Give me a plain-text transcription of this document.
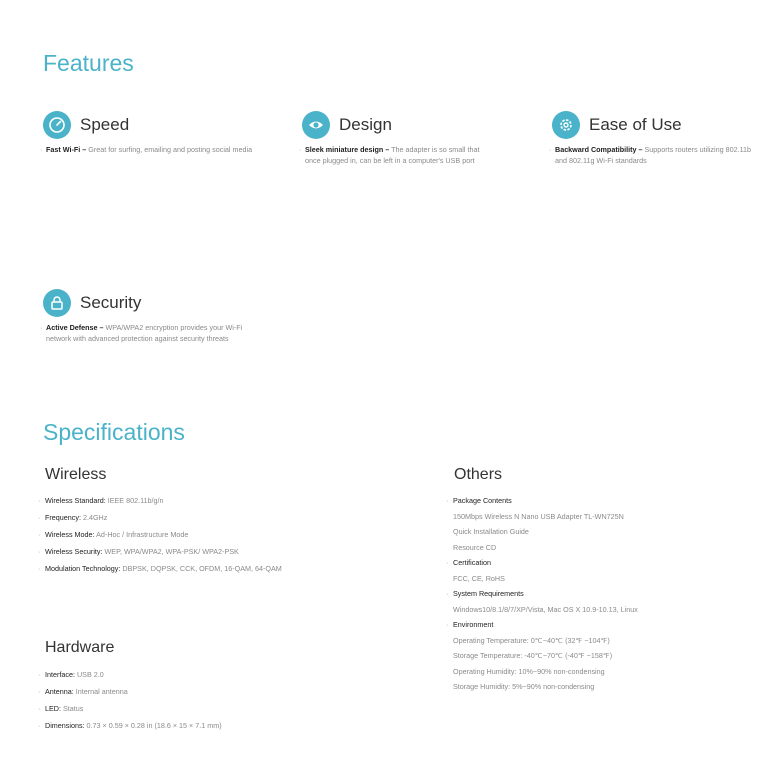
Features
Speed
· Fast Wi-Fi – Great for surfing, emailing and posting social media
Design
· Sleek miniature design – The adapter is so small that once plugged in, can be left in a computer's USB port
Ease of Use
· Backward Compatibility – Supports routers utilizing 802.11b and 802.11g Wi-Fi standards
Security
· Active Defense – WPA/WPA2 encryption provides your Wi-Fi network with advanced protection against security threats
Specifications
Wireless
· Wireless Standard: IEEE 802.11b/g/n
· Frequency: 2.4GHz
· Wireless Mode: Ad-Hoc / Infrastructure Mode
· Wireless Security: WEP, WPA/WPA2, WPA-PSK/ WPA2-PSK
· Modulation Technology: DBPSK, DQPSK, CCK, OFDM, 16-QAM, 64-QAM
Hardware
· Interface: USB 2.0
· Antenna: Internal antenna
· LED: Status
· Dimensions: 0.73 × 0.59 × 0.28 in (18.6 × 15 × 7.1 mm)
Others
· Package Contents
150Mbps Wireless N Nano USB Adapter TL-WN725N
Quick Installation Guide
Resource CD
· Certification
FCC, CE, RoHS
· System Requirements
Windows10/8.1/8/7/XP/Vista, Mac OS X 10.9-10.13, Linux
· Environment
Operating Temperature: 0℃~40℃ (32℉ ~104℉)
Storage Temperature: -40℃~70℃ (-40℉ ~158℉)
Operating Humidity: 10%~90% non-condensing
Storage Humidity: 5%~90% non-condensing
